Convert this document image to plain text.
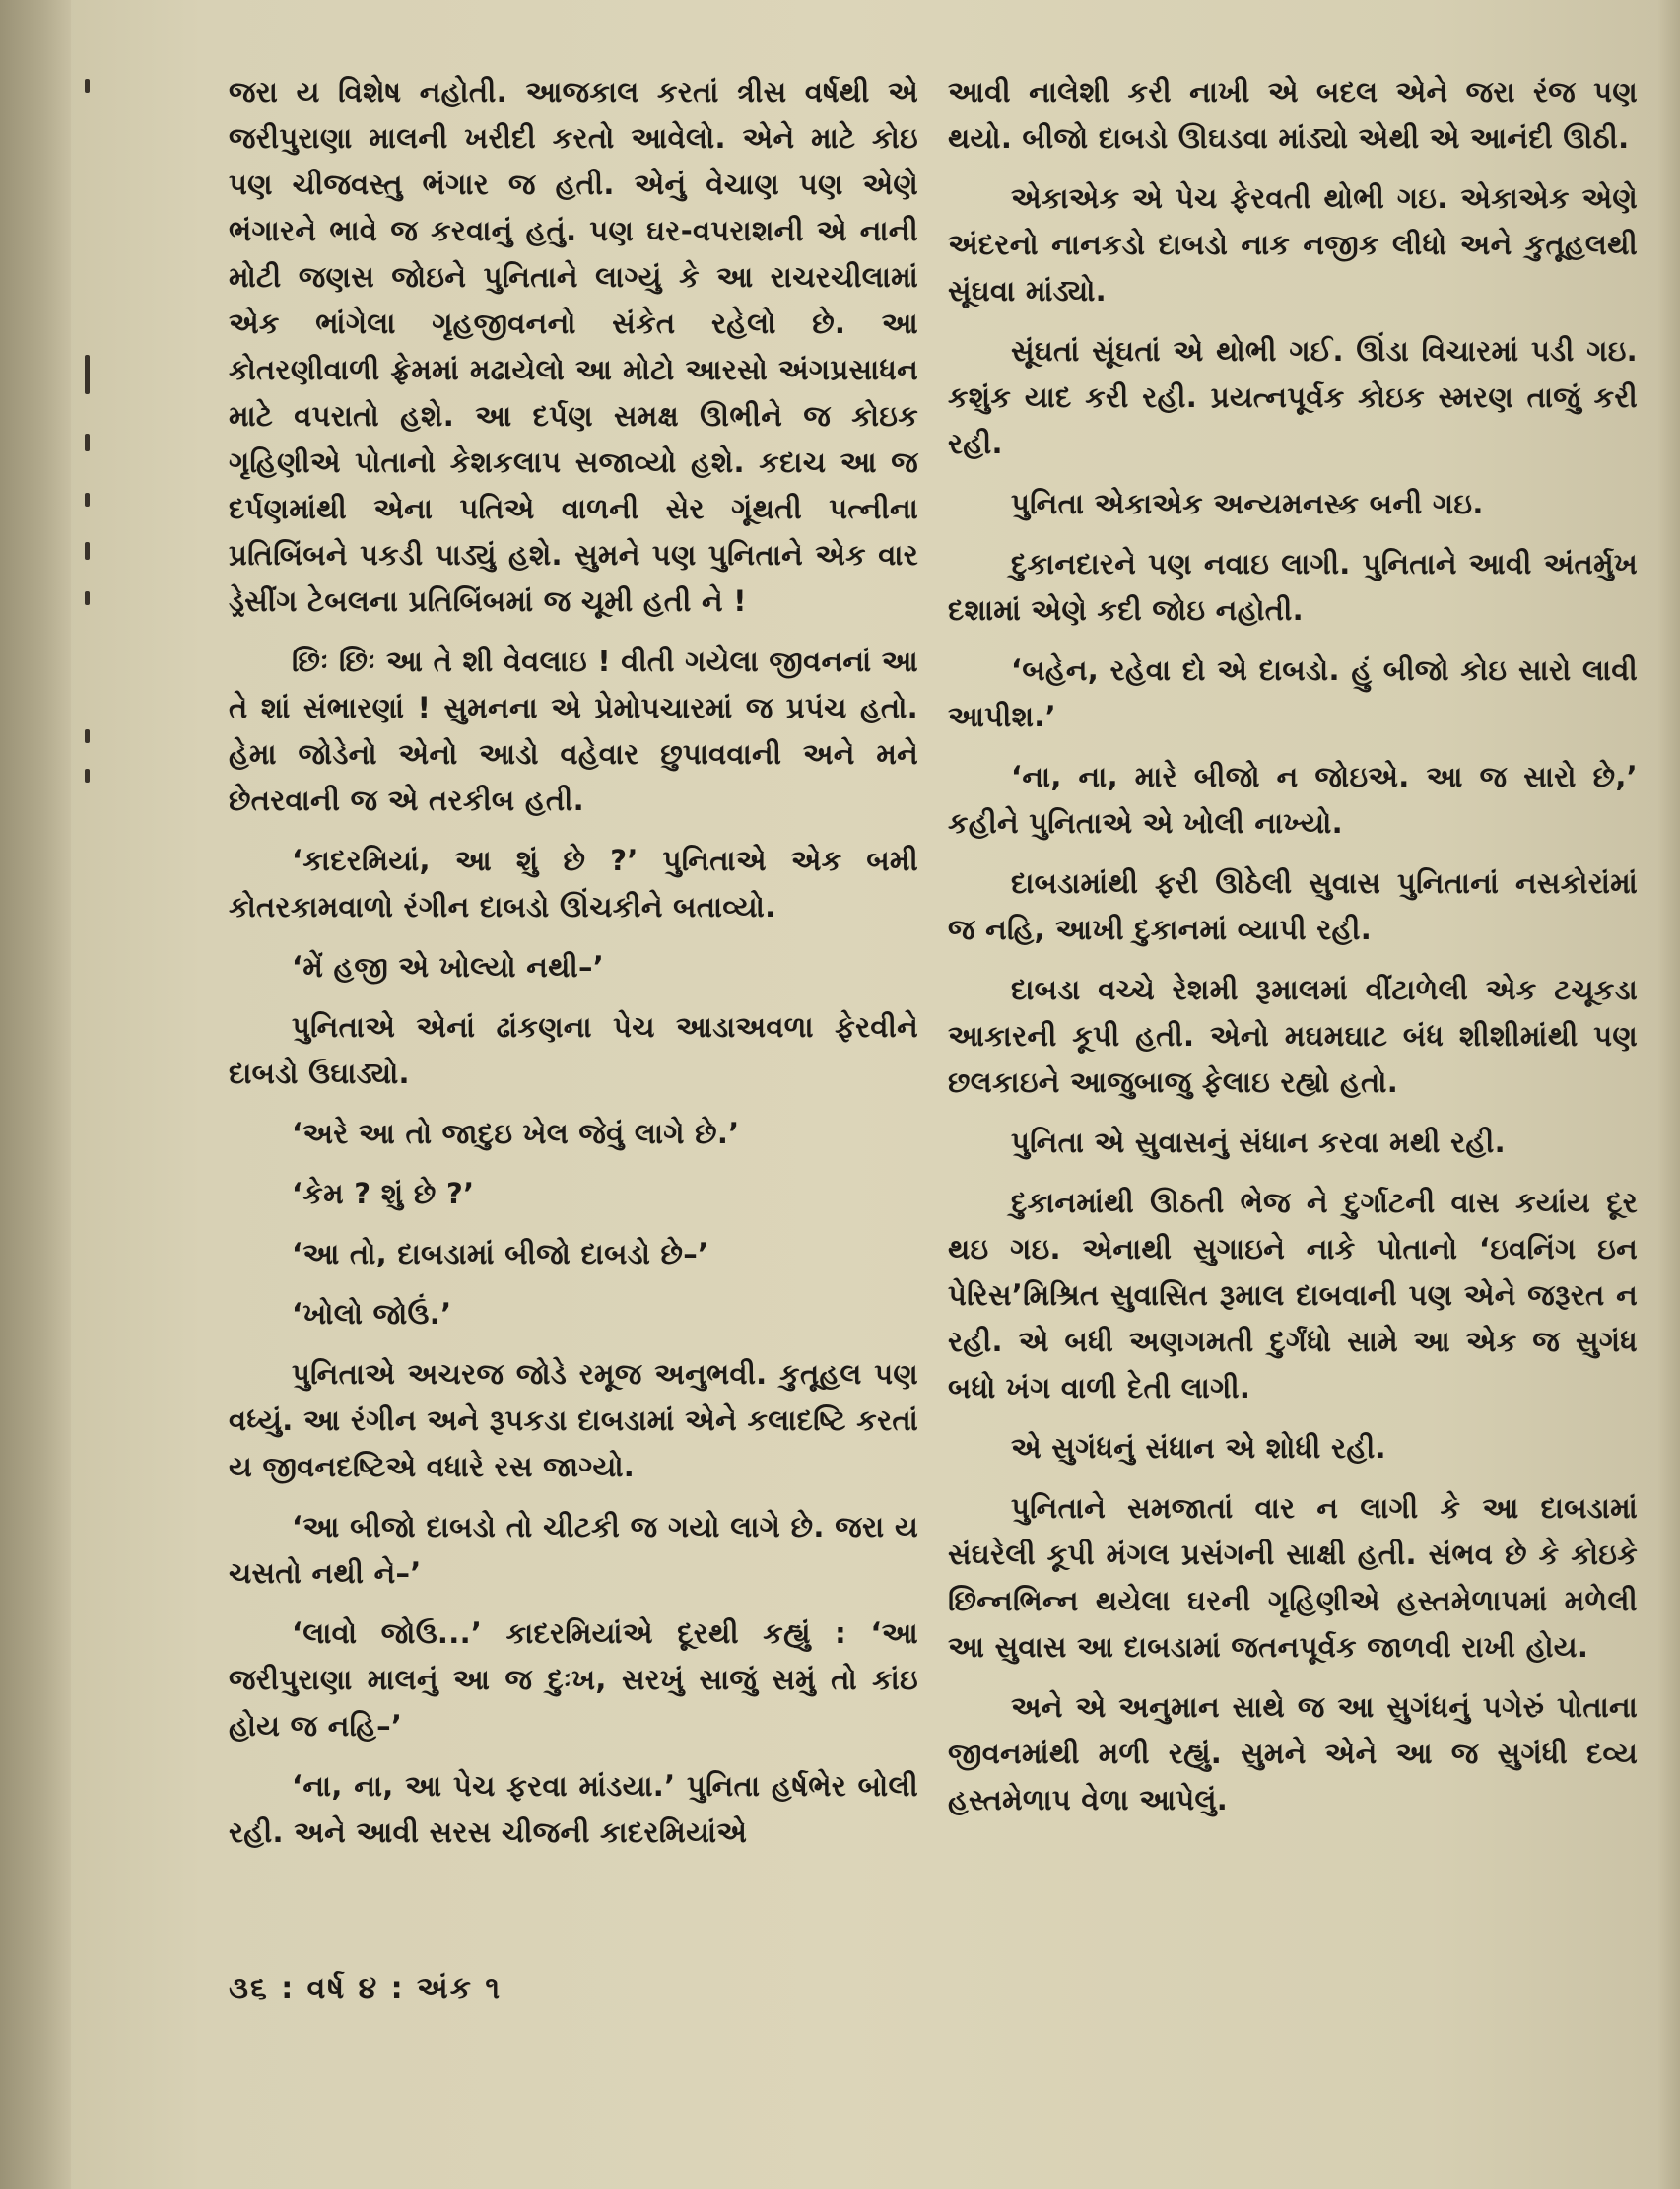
જરા ય વિશેષ નહોતી. આજકાલ કરતાં ત્રીસ વર્ષથી એ જરીપુરાણા માલની ખરીદી કરતો આવેલો. એને માટે કોઇ પણ ચીજવસ્તુ ભંગાર જ હતી. એનું વેચાણ પણ એણે ભંગારને ભાવે જ કરવાનું હતું. પણ ઘર-વપરાશની એ નાની મોટી જણસ જોઇને પુનિતાને લાગ્યું કે આ રાચરચીલામાં એક ભાંગેલા ગૃહજીવનનો સંકેત રહેલો છે. આ કોતરણીવાળી ફ્રેમમાં મઢાયેલો આ મોટો આરસો અંગપ્રસાધન માટે વપરાતો હશે. આ દર્પણ સમક્ષ ઊભીને જ કોઇક ગૃહિણીએ પોતાનો કેશકલાપ સજાવ્યો હશે. કદાચ આ જ દર્પણમાંથી એના પતિએ વાળની સેર ગૂંથતી પત્નીના પ્રતિબિંબને પકડી પાડ્યું હશે. સુમને પણ પુનિતાને એક વાર ડ્રેસીંગ ટેબલના પ્રતિબિંબમાં જ ચૂમી હતી ને !

છિઃ છિઃ આ તે શી વેવલાઇ ! વીતી ગયેલા જીવનનાં આ તે શાં સંભારણાં ! સુમનના એ પ્રેમોપચારમાં જ પ્રપંચ હતો. હેમા જોડેનો એનો આડો વહેવાર છુપાવવાની અને મને છેતરવાની જ એ તરકીબ હતી.

‘કાદરમિયાં, આ શું છે ?’ પુનિતાએ એક બમી કોતરકામવાળો રંગીન દાબડો ઊંચકીને બતાવ્યો.

‘મેં હજી એ ખોલ્યો નથી–’

પુનિતાએ એનાં ઢાંકણના પેચ આડાઅવળા ફેરવીને દાબડો ઉઘાડ્યો.

‘અરે આ તો જાદુઇ ખેલ જેવું લાગે છે.’

‘કેમ ? શું છે ?’

‘આ તો, દાબડામાં બીજો દાબડો છે–’

‘ખોલો જોઉં.’

પુનિતાએ અચરજ જોડે રમૂજ અનુભવી. કુતૂહલ પણ વધ્યું. આ રંગીન અને રૂપકડા દાબડામાં એને કલાદષ્ટિ કરતાં ય જીવનદષ્ટિએ વધારે રસ જાગ્યો.

‘આ બીજો દાબડો તો ચીટકી જ ગયો લાગે છે. જરા ય ચસતો નથી ને–’

‘લાવો જોઉ...’ કાદરમિયાંએ દૂરથી કહ્યું : ‘આ જરીપુરાણા માલનું આ જ દુઃખ, સરખું સાજું સમું તો કાંઇ હોય જ નહિ–’

‘ના, ના, આ પેચ ફરવા માંડયા.’ પુનિતા હર્ષભેર બોલી રહી. અને આવી સરસ ચીજની કાદરમિયાંએ

આવી નાલેશી કરી નાખી એ બદલ એને જરા રંજ પણ થયો. બીજો દાબડો ઊઘડવા માંડ્યો એથી એ આનંદી ઊઠી.

એકાએક એ પેચ ફેરવતી થોભી ગઇ. એકાએક એણે અંદરનો નાનકડો દાબડો નાક નજીક લીધો અને કુતૂહલથી સૂંઘવા માંડ્યો.

સૂંઘતાં સૂંઘતાં એ થોભી ગઈ. ઊંડા વિચારમાં પડી ગઇ. કશુંક યાદ કરી રહી. પ્રયત્નપૂર્વક કોઇક સ્મરણ તાજું કરી રહી.

પુનિતા એકાએક અન્યમનસ્ક બની ગઇ.

દુકાનદારને પણ નવાઇ લાગી. પુનિતાને આવી અંતર્મુખ દશામાં એણે કદી જોઇ નહોતી.

‘બહેન, રહેવા દો એ દાબડો. હું બીજો કોઇ સારો લાવી આપીશ.’

‘ના, ના, મારે બીજો ન જોઇએ. આ જ સારો છે,’ કહીને પુનિતાએ એ ખોલી નાખ્યો.

દાબડામાંથી ફરી ઊઠેલી સુવાસ પુનિતાનાં નસકોરાંમાં જ નહિ, આખી દુકાનમાં વ્યાપી રહી.

દાબડા વચ્ચે રેશમી રૂમાલમાં વીંટાળેલી એક ટચૂકડા આકારની કૂપી હતી. એનો મઘમઘાટ બંધ શીશીમાંથી પણ છલકાઇને આજુબાજુ ફેલાઇ રહ્યો હતો.

પુનિતા એ સુવાસનું સંધાન કરવા મથી રહી.

દુકાનમાંથી ઊઠતી ભેજ ને દુર્ગાટની વાસ કયાંય દૂર થઇ ગઇ. એનાથી સુગાઇને નાકે પોતાનો ‘ઇવનિંગ ઇન પેરિસ’મિશ્રિત સુવાસિત રૂમાલ દાબવાની પણ એને જરૂરત ન રહી. એ બધી અણગમતી દુર્ગંધો સામે આ એક જ સુગંધ બધો ખંગ વાળી દેતી લાગી.

એ સુગંધનું સંધાન એ શોધી રહી.

પુનિતાને સમજાતાં વાર ન લાગી કે આ દાબડામાં સંઘરેલી કૂપી મંગલ પ્રસંગની સાક્ષી હતી. સંભવ છે કે કોઇકે છિન્નભિન્ન થયેલા ઘરની ગૃહિણીએ હસ્તમેળાપમાં મળેલી આ સુવાસ આ દાબડામાં જતનપૂર્વક જાળવી રાખી હોય.

અને એ અનુમાન સાથે જ આ સુગંધનું પગેરું પોતાના જીવનમાંથી મળી રહ્યું. સુમને એને આ જ સુગંધી દવ્ય હસ્તમેળાપ વેળા આપેલું.

૩૬ : વર્ષ ૪ : અંક ૧
